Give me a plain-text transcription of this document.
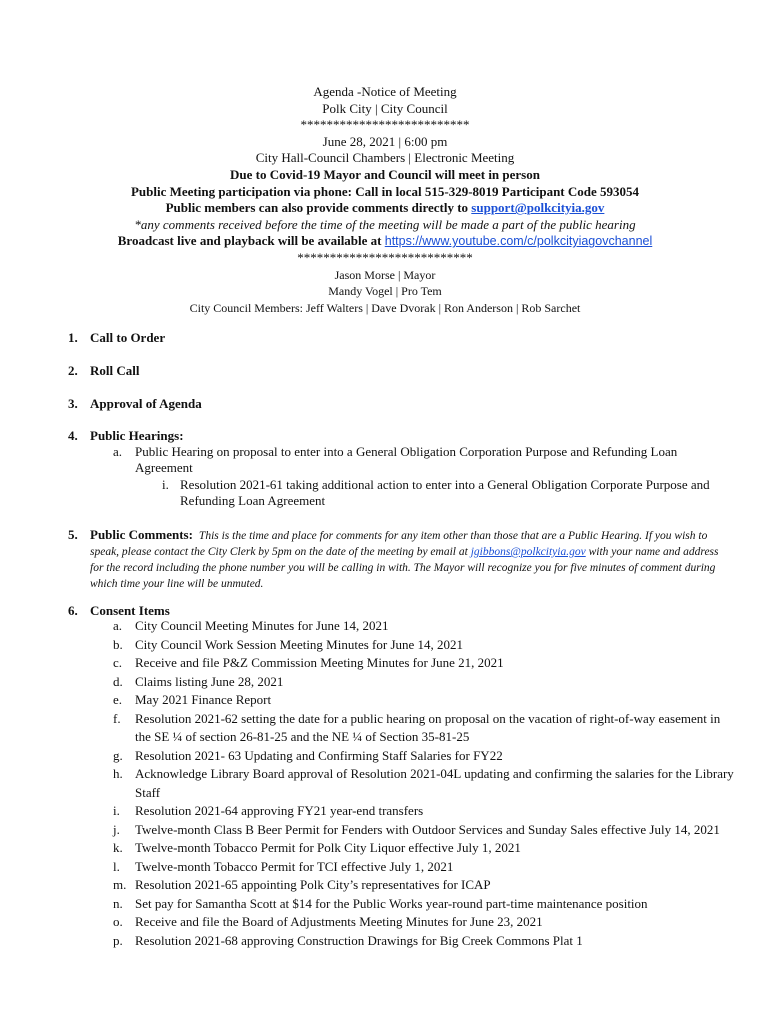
Agenda -Notice of Meeting
Polk City | City Council
**************************
June 28, 2021 | 6:00 pm
City Hall-Council Chambers | Electronic Meeting
Due to Covid-19 Mayor and Council will meet in person
Public Meeting participation via phone: Call in local 515-329-8019 Participant Code 593054
Public members can also provide comments directly to support@polkcityia.gov
*any comments received before the time of the meeting will be made a part of the public hearing
Broadcast live and playback will be available at https://www.youtube.com/c/polkcityiagovchannel
***************************
Jason Morse | Mayor
Mandy Vogel | Pro Tem
City Council Members: Jeff Walters | Dave Dvorak | Ron Anderson | Rob Sarchet
1. Call to Order
2. Roll Call
3. Approval of Agenda
4. Public Hearings:
a. Public Hearing on proposal to enter into a General Obligation Corporation Purpose and Refunding Loan Agreement
i. Resolution 2021-61 taking additional action to enter into a General Obligation Corporate Purpose and Refunding Loan Agreement
5. Public Comments: This is the time and place for comments for any item other than those that are a Public Hearing. If you wish to speak, please contact the City Clerk by 5pm on the date of the meeting by email at jgibbons@polkcityia.gov with your name and address for the record including the phone number you will be calling in with. The Mayor will recognize you for five minutes of comment during which time your line will be unmuted.
6. Consent Items
a. City Council Meeting Minutes for June 14, 2021
b. City Council Work Session Meeting Minutes for June 14, 2021
c. Receive and file P&Z Commission Meeting Minutes for June 21, 2021
d. Claims listing June 28, 2021
e. May 2021 Finance Report
f. Resolution 2021-62 setting the date for a public hearing on proposal on the vacation of right-of-way easement in the SE ¼ of section 26-81-25 and the NE ¼ of Section 35-81-25
g. Resolution 2021- 63 Updating and Confirming Staff Salaries for FY22
h. Acknowledge Library Board approval of Resolution 2021-04L updating and confirming the salaries for the Library Staff
i. Resolution 2021-64 approving FY21 year-end transfers
j. Twelve-month Class B Beer Permit for Fenders with Outdoor Services and Sunday Sales effective July 14, 2021
k. Twelve-month Tobacco Permit for Polk City Liquor effective July 1, 2021
l. Twelve-month Tobacco Permit for TCI effective July 1, 2021
m. Resolution 2021-65 appointing Polk City’s representatives for ICAP
n. Set pay for Samantha Scott at $14 for the Public Works year-round part-time maintenance position
o. Receive and file the Board of Adjustments Meeting Minutes for June 23, 2021
p. Resolution 2021-68 approving Construction Drawings for Big Creek Commons Plat 1
